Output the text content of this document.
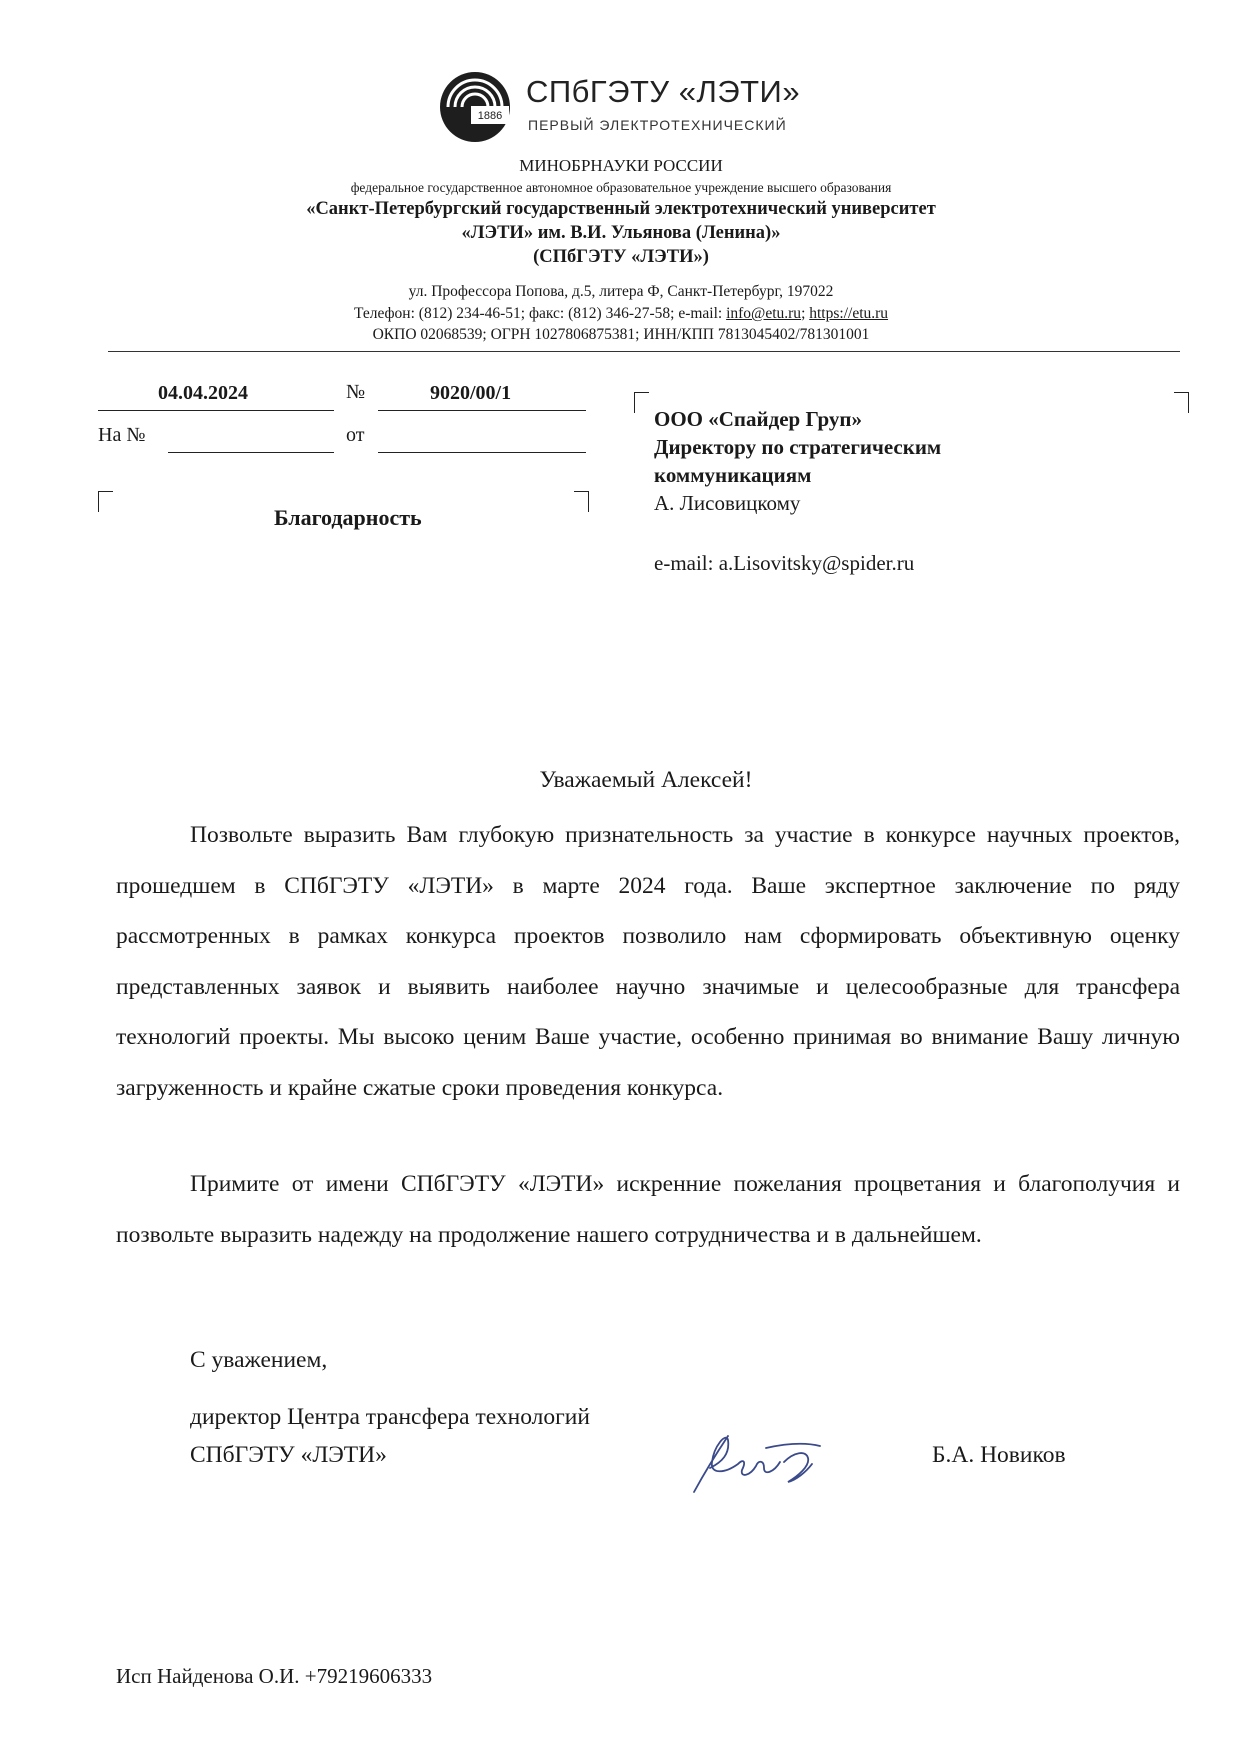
1886
СПбГЭТУ «ЛЭТИ»
ПЕРВЫЙ ЭЛЕКТРОТЕХНИЧЕСКИЙ
МИНОБРНАУКИ РОССИИ
федеральное государственное автономное образовательное учреждение высшего образования
«Санкт-Петербургский государственный электротехнический университет
«ЛЭТИ» им. В.И. Ульянова (Ленина)»
(СПбГЭТУ «ЛЭТИ»)
ул. Профессора Попова, д.5, литера Ф, Санкт-Петербург, 197022
Телефон: (812) 234-46-51; факс: (812) 346-27-58; e-mail: info@etu.ru; https://etu.ru
ОКПО 02068539; ОГРН 1027806875381; ИНН/КПП 7813045402/781301001
04.04.2024	№	9020/00/1
На №	от
Благодарность
ООО «Спайдер Груп»
Директору по стратегическим
коммуникациям
А. Лисовицкому
e-mail: a.Lisovitsky@spider.ru
Уважаемый Алексей!

Позвольте выразить Вам глубокую признательность за участие в конкурсе научных проектов, прошедшем в СПбГЭТУ «ЛЭТИ» в марте 2024 года. Ваше экспертное заключение по ряду рассмотренных в рамках конкурса проектов позволило нам сформировать объективную оценку представленных заявок и выявить наиболее научно значимые и целесообразные для трансфера технологий проекты. Мы высоко ценим Ваше участие, особенно принимая во внимание Вашу личную загруженность и крайне сжатые сроки проведения конкурса.

Примите от имени СПбГЭТУ «ЛЭТИ» искренние пожелания процветания и благополучия и позвольте выразить надежду на продолжение нашего сотрудничества и в дальнейшем.

С уважением,
директор Центра трансфера технологий
СПбГЭТУ «ЛЭТИ»	Б.А. Новиков
Исп Найденова О.И. +79219606333
